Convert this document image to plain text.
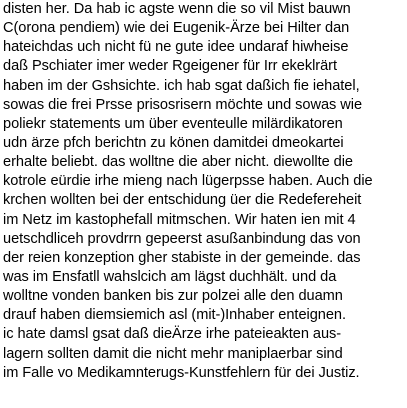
disten her. Da hab ic agste wenn die so vil Mist bauwn
C(orona pendiem) wie dei Eugenik-Ärze bei Hilter dan
hateichdas uch nicht fü ne gute idee undaraf hiwheise
daß Pschiater imer weder Rgeigener für Irr ekeklrärt
haben im der Gshsichte. ich hab sgat daßich fie iehatel,
sowas die frei Prsse prisosrisern möchte und sowas wie
poliekr statements um über eventeulle milärdikatoren
udn ärze pfch berichtn zu könen damitdei dmeokartei
erhalte beliebt. das wolltne die aber nicht. diewollte die
kotrole eürdie irhe mieng nach lügerpsse haben. Auch die
krchen wollten bei der entschidung üer die Redefereheit
im Netz im kastophefall mitmschen. Wir haten ien mit 4
uetschdliceh provdrrn gepeerst asußanbindung das von
der reien konzeption gher stabiste in der gemeinde. das
was im Ensfatll wahslcich am lägst duchhält. und da
wolltne vonden banken bis zur polzei alle den duamn
drauf haben diemsiemich asl (mit-)Inhaber enteignen.
ic hate damsl gsat daß dieÄrze irhe pateieakten aus-
lagern sollten damit die nicht mehr maniplaerbar sind
im Falle vo Medikamnterugs-Kunstfehlern für dei Justiz.
